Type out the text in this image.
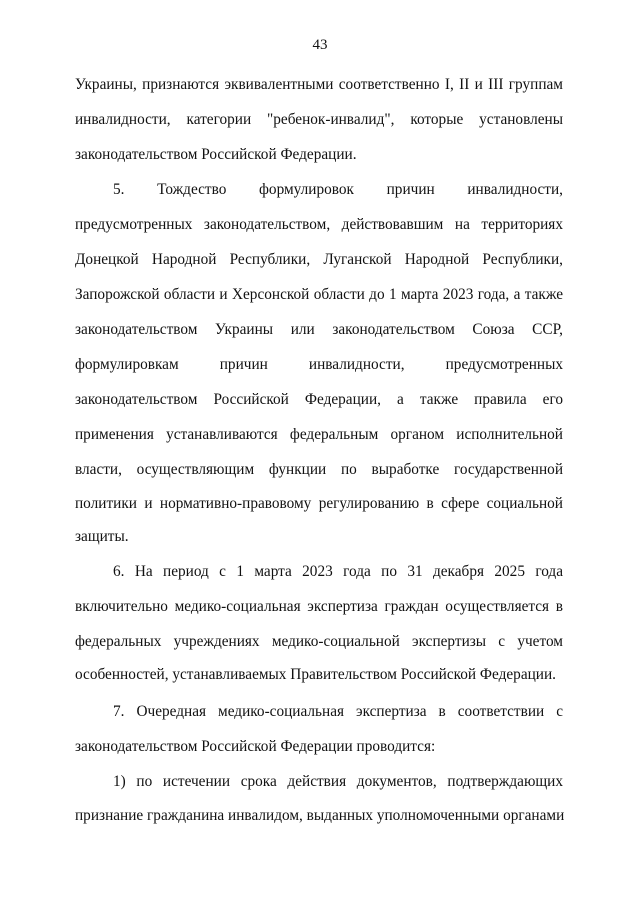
43
Украины, признаются эквивалентными соответственно I, II и III группам
инвалидности, категории "ребенок-инвалид", которые установлены
законодательством Российской Федерации.
5. Тождество формулировок причин инвалидности,
предусмотренных законодательством, действовавшим на территориях
Донецкой Народной Республики, Луганской Народной Республики,
Запорожской области и Херсонской области до 1 марта 2023 года, а также
законодательством Украины или законодательством Союза ССР,
формулировкам причин инвалидности, предусмотренных
законодательством Российской Федерации, а также правила его
применения устанавливаются федеральным органом исполнительной
власти, осуществляющим функции по выработке государственной
политики и нормативно-правовому регулированию в сфере социальной
защиты.
6. На период с 1 марта 2023 года по 31 декабря 2025 года
включительно медико-социальная экспертиза граждан осуществляется в
федеральных учреждениях медико-социальной экспертизы с учетом
особенностей, устанавливаемых Правительством Российской Федерации.
7. Очередная медико-социальная экспертиза в соответствии с
законодательством Российской Федерации проводится:
1) по истечении срока действия документов, подтверждающих
признание гражданина инвалидом, выданных уполномоченными органами
